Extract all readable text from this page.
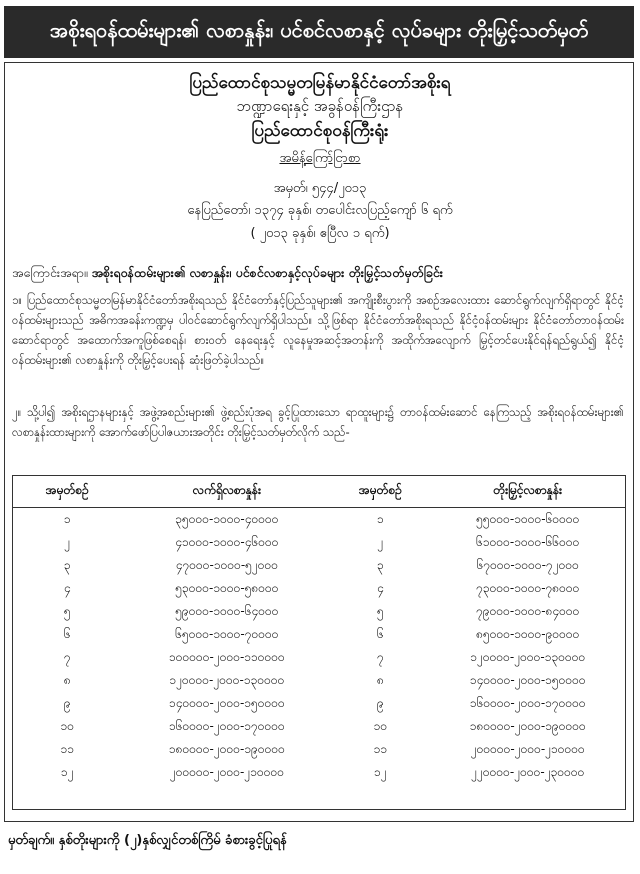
အစိုးရဝန်ထမ်းများ၏ လစာနှုန်း၊ ပင်စင်လစာနှင့် လုပ်ခများ တိုးမြှင့်သတ်မှတ်
ပြည်ထောင်စုသမ္မတမြန်မာနိုင်ငံတော်အစိုးရ
ဘဏ္ဍာရေးနှင့် အခွန်ဝန်ကြီးဌာန
ပြည်ထောင်စုဝန်ကြီးရုံး
အမိန့်ကြော်ငြာစာ
အမှတ်၊ ၅၄၄/၂၀၁၃
နေပြည်တော်၊ ၁၃၇၄ ခုနှစ်၊ တပေါင်းလပြည့်ကျော် ၆ ရက်
( ၂၀၁၃ ခုနှစ်၊ ဧပြီလ ၁ ရက်)
အကြောင်းအရာ။ အစိုးရဝန်ထမ်းများ၏ လစာနှုန်း၊ ပင်စင်လစာနှင့်လုပ်ခများ တိုးမြှင့်သတ်မှတ်ခြင်း
၁။ ပြည်ထောင်စုသမ္မတမြန်မာနိုင်ငံတော်အစိုးရသည် နိုင်ငံတော်နှင့်ပြည်သူများ၏ အကျိုးစီးပွားကို အစဉ်အလေးထား ဆောင်ရွက်လျက်ရှိရာတွင် နိုင်ငံ့ဝန်ထမ်းများသည် အဓိကအခန်းကဏ္ဍမှ ပါဝင်ဆောင်ရွက်လျက်ရှိပါသည်။ သို့ဖြစ်ရာ နိုင်ငံတော်အစိုးရသည် နိုင်ငံ့ဝန်ထမ်းများ နိုင်ငံတော်တာဝန်ထမ်းဆောင်ရာတွင် အထောက်အကူဖြစ်စေရန်၊ စားဝတ် နေရေးနှင့် လူနေမှုအဆင့်အတန်းကို အထိုက်အလျောက် မြှင့်တင်ပေးနိုင်ရန်ရည်ရွယ်၍ နိုင်ငံ့ဝန်ထမ်းများ၏ လစာနှုန်းကို တိုးမြှင့်ပေးရန် ဆုံးဖြတ်ခဲ့ပါသည်။
၂။ သို့ပါ၍ အစိုးရဌာနများနှင့် အဖွဲ့အစည်းများ၏ ဖွဲ့စည်းပုံအရ ခွင့်ပြုထားသော ရာထူးများ၌ တာဝန်ထမ်းဆောင် နေကြသည့် အစိုးရဝန်ထမ်းများ၏ လစာနှုန်းထားများကို အောက်ဖော်ပြပါဇယားအတိုင်း တိုးမြှင့်သတ်မှတ်လိုက် သည်-
အမှတ်စဉ်	လက်ရှိလစာနှုန်း	အမှတ်စဉ်	တိုးမြှင့်လစာနှုန်း
၁	၃၅၀၀၀-၁၀၀၀-၄၀၀၀၀	၁	၅၅၀၀၀-၁၀၀၀-၆၀၀၀၀
၂	၄၁၀၀၀-၁၀၀၀-၄၆၀၀၀	၂	၆၁၀၀၀-၁၀၀၀-၆၆၀၀၀
၃	၄၇၀၀၀-၁၀၀၀-၅၂၀၀၀	၃	၆၇၀၀၀-၁၀၀၀-၇၂၀၀၀
၄	၅၃၀၀၀-၁၀၀၀-၅၈၀၀၀	၄	၇၃၀၀၀-၁၀၀၀-၇၈၀၀၀
၅	၅၉၀၀၀-၁၀၀၀-၆၄၀၀၀	၅	၇၉၀၀၀-၁၀၀၀-၈၄၀၀၀
၆	၆၅၀၀၀-၁၀၀၀-၇၀၀၀၀	၆	၈၅၀၀၀-၁၀၀၀-၉၀၀၀၀
၇	၁၀၀၀၀၀-၂၀၀၀-၁၁၀၀၀၀	၇	၁၂၀၀၀၀-၂၀၀၀-၁၃၀၀၀၀
၈	၁၂၀၀၀၀-၂၀၀၀-၁၃၀၀၀၀	၈	၁၄၀၀၀၀-၂၀၀၀-၁၅၀၀၀၀
၉	၁၄၀၀၀၀-၂၀၀၀-၁၅၀၀၀၀	၉	၁၆၀၀၀၀-၂၀၀၀-၁၇၀၀၀၀
၁၀	၁၆၀၀၀၀-၂၀၀၀-၁၇၀၀၀၀	၁၀	၁၈၀၀၀၀-၂၀၀၀-၁၉၀၀၀၀
၁၁	၁၈၀၀၀၀-၂၀၀၀-၁၉၀၀၀၀	၁၁	၂၀၀၀၀၀-၂၀၀၀-၂၁၀၀၀၀
၁၂	၂၀၀၀၀၀-၂၀၀၀-၂၁၀၀၀၀	၁၂	၂၂၀၀၀၀-၂၀၀၀-၂၃၀၀၀၀
မှတ်ချက်။ နှစ်တိုးများကို (၂)နှစ်လျှင်တစ်ကြိမ် ခံစားခွင့်ပြုရန်
